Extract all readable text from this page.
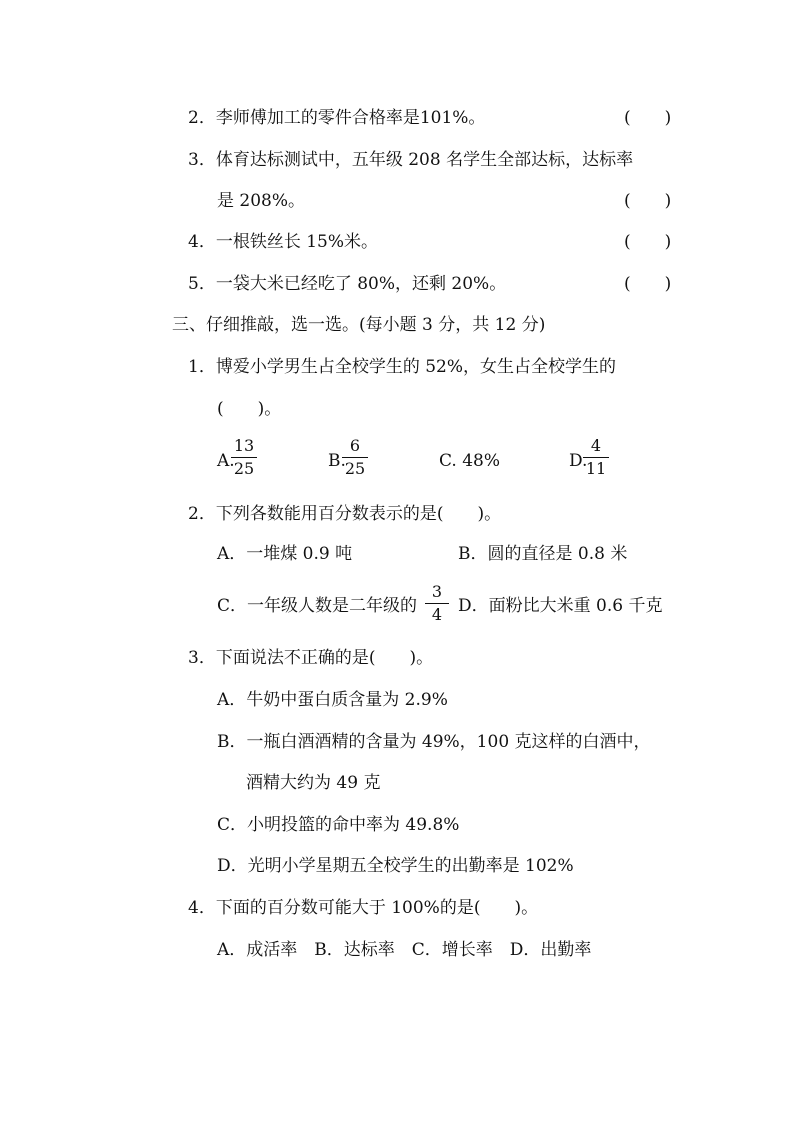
2．李师傅加工的零件合格率是101%。	(　　)
3．体育达标测试中，五年级 208 名学生全部达标，达标率
是 208%。	(　　)
4．一根铁丝长 15%米。	(　　)
5．一袋大米已经吃了 80%，还剩 20%。	(　　)
三、仔细推敲，选一选。(每小题 3 分，共 12 分)
1．博爱小学男生占全校学生的 52%，女生占全校学生的
(　　)。
A.
13
25	B.
6
25	C. 48%	D.
4
11
2．下列各数能用百分数表示的是(　　)。
A．一堆煤 0.9 吨	B．圆的直径是 0.8 米
C．一年级人数是二年级的
3
4 D．面粉比大米重 0.6 千克
3．下面说法不正确的是(　　)。
A．牛奶中蛋白质含量为 2.9%
B．一瓶白酒酒精的含量为 49%，100 克这样的白酒中，
酒精大约为 49 克
C．小明投篮的命中率为 49.8%
D．光明小学星期五全校学生的出勤率是 102%
4．下面的百分数可能大于 100%的是(　　)。
A．成活率　B．达标率　C．增长率　D．出勤率
